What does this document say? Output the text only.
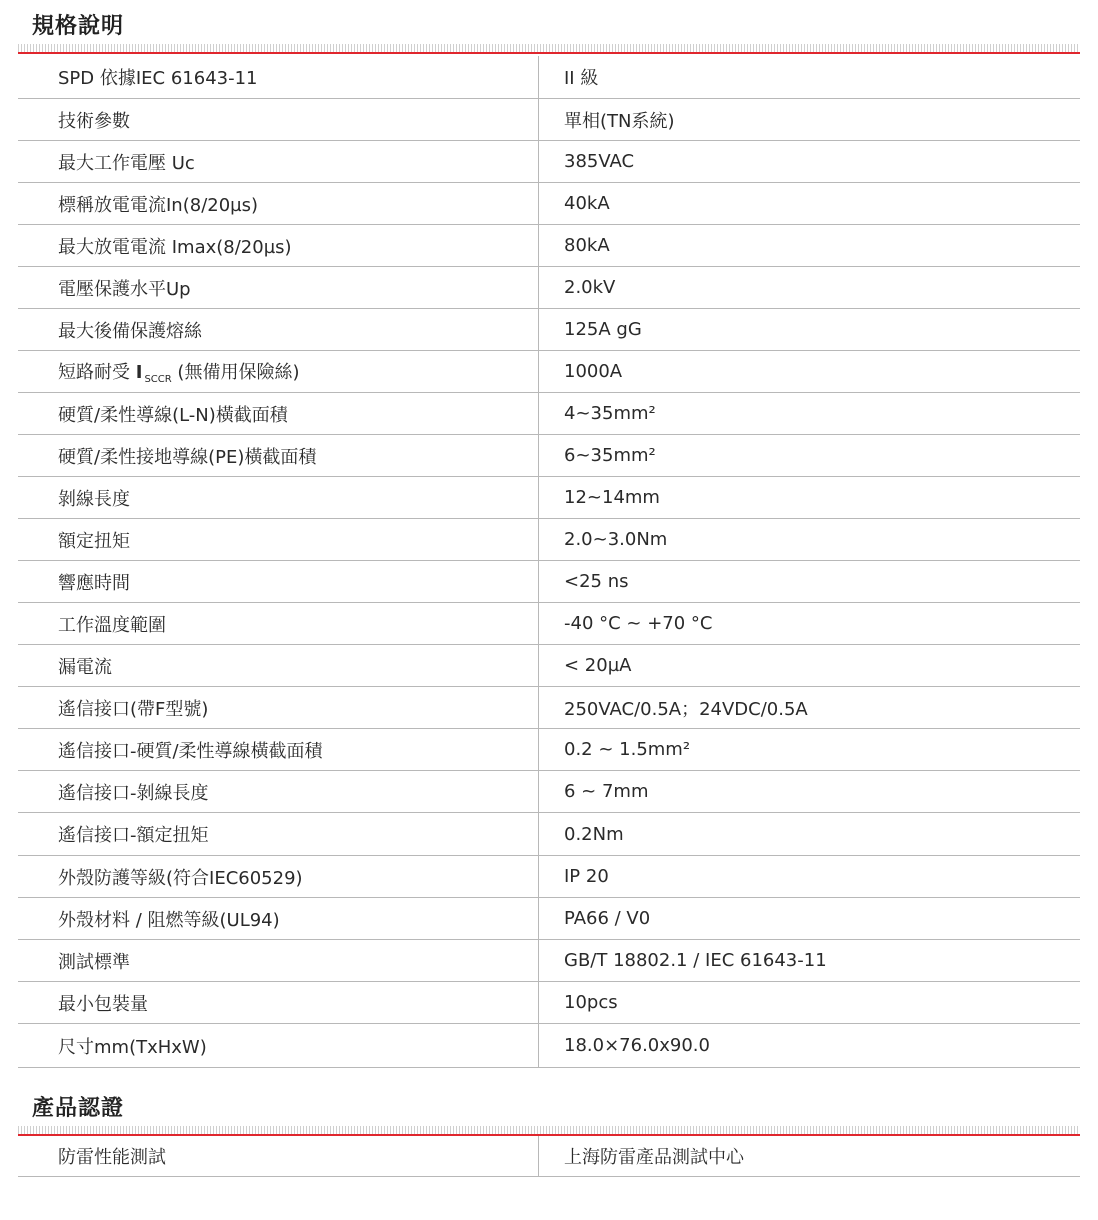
規格說明
SPD 依據IEC 61643-11	II 級
技術參數	單相(TN系統)
最大工作電壓 Uc	385VAC
標稱放電電流In(8/20µs)	40kA
最大放電電流 Imax(8/20µs)	80kA
電壓保護水平Up	2.0kV
最大後備保護熔絲	125A gG
短路耐受 I $_{SCCR}$ (無備用保險絲)	1000A
硬質/柔性導線(L-N)橫截面積	4~35mm²
硬質/柔性接地導線(PE)橫截面積	6~35mm²
剝線長度	12~14mm
額定扭矩	2.0~3.0Nm
響應時間	<25 ns
工作溫度範圍	-40 °C ~ +70 °C
漏電流	< 20µA
遙信接口(帶F型號)	250VAC/0.5A；24VDC/0.5A
遙信接口-硬質/柔性導線橫截面積	0.2 ~ 1.5mm²
遙信接口-剝線長度	6 ~ 7mm
遙信接口-額定扭矩	0.2Nm
外殼防護等級(符合IEC60529)	IP 20
外殼材料 / 阻燃等級(UL94)	PA66 / V0
測試標準	GB/T 18802.1 / IEC 61643-11
最小包裝量	10pcs
尺寸mm(TxHxW)	18.0×76.0x90.0
產品認證
防雷性能測試	上海防雷產品測試中心
